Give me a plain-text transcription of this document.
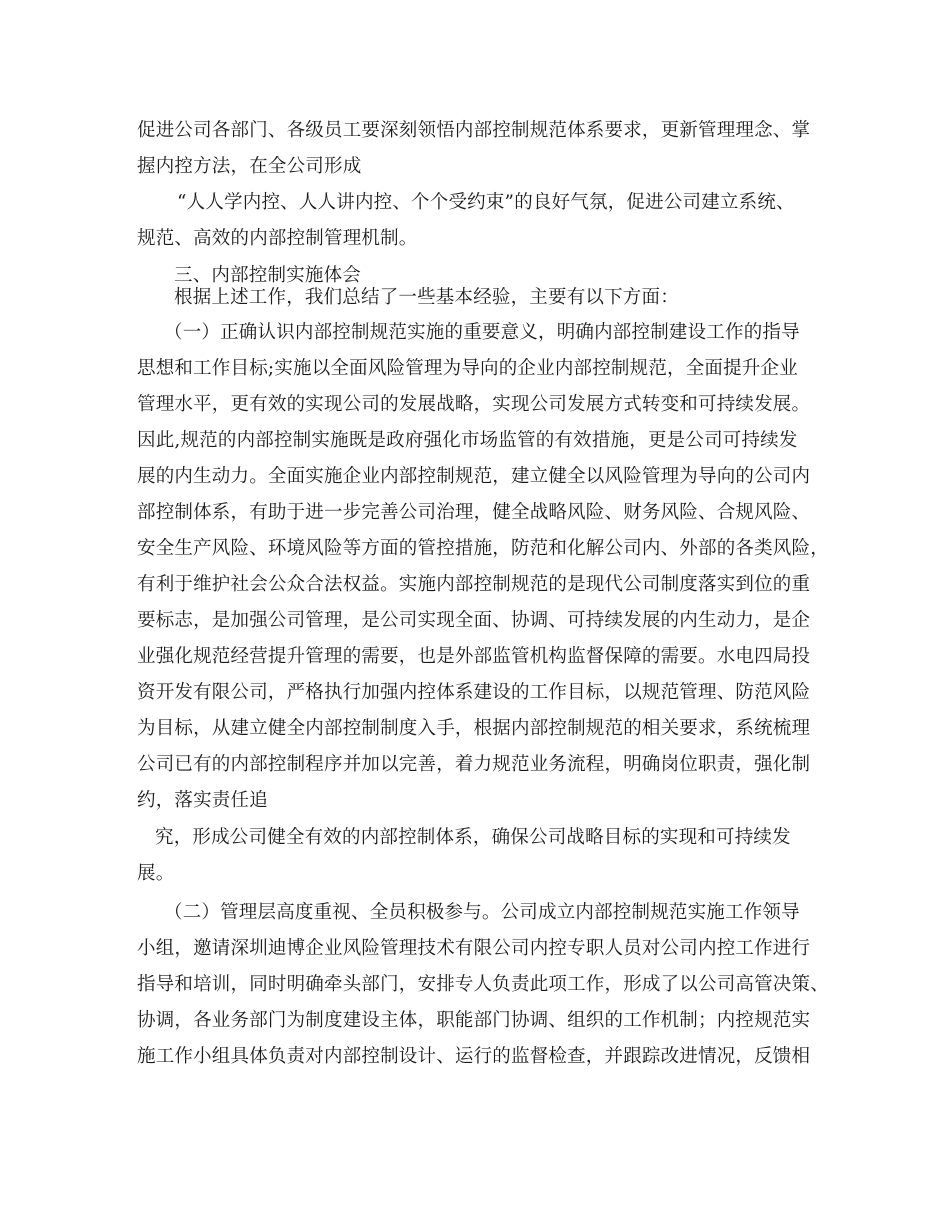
促进公司各部门、各级员工要深刻领悟内部控制规范体系要求，更新管理理念、掌
握内控方法，在全公司形成
“人人学内控、人人讲内控、个个受约束”的良好气氛，促进公司建立系统、
规范、高效的内部控制管理机制。
三、内部控制实施体会
根据上述工作，我们总结了一些基本经验，主要有以下方面：
（一）正确认识内部控制规范实施的重要意义，明确内部控制建设工作的指导
思想和工作目标;实施以全面风险管理为导向的企业内部控制规范，全面提升企业
管理水平，更有效的实现公司的发展战略，实现公司发展方式转变和可持续发展。
因此,规范的内部控制实施既是政府强化市场监管的有效措施，更是公司可持续发
展的内生动力。全面实施企业内部控制规范，建立健全以风险管理为导向的公司内
部控制体系，有助于进一步完善公司治理，健全战略风险、财务风险、合规风险、
安全生产风险、环境风险等方面的管控措施，防范和化解公司内、外部的各类风险，
有利于维护社会公众合法权益。实施内部控制规范的是现代公司制度落实到位的重
要标志，是加强公司管理，是公司实现全面、协调、可持续发展的内生动力，是企
业强化规范经营提升管理的需要，也是外部监管机构监督保障的需要。水电四局投
资开发有限公司，严格执行加强内控体系建设的工作目标，以规范管理、防范风险
为目标，从建立健全内部控制制度入手，根据内部控制规范的相关要求，系统梳理
公司已有的内部控制程序并加以完善，着力规范业务流程，明确岗位职责，强化制
约，落实责任追
究，形成公司健全有效的内部控制体系，确保公司战略目标的实现和可持续发
展。
（二）管理层高度重视、全员积极参与。公司成立内部控制规范实施工作领导
小组，邀请深圳迪博企业风险管理技术有限公司内控专职人员对公司内控工作进行
指导和培训，同时明确牵头部门，安排专人负责此项工作，形成了以公司高管决策、
协调，各业务部门为制度建设主体，职能部门协调、组织的工作机制；内控规范实
施工作小组具体负责对内部控制设计、运行的监督检查，并跟踪改进情况，反馈相
